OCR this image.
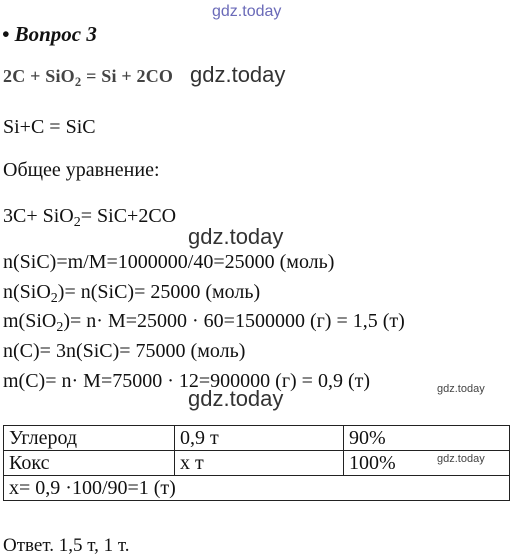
gdz.today
• Вопрос 3
2C + SiO$_2$ = Si + 2CO gdz.today
Si+C = SiC
Общее уравнение:
3C+ SiO$_2$= SiC+2CO
gdz.today
n(SiC)=m/M=1000000/40=25000 (моль)
n(SiO$_2$)= n(SiC)= 25000 (моль)
m(SiO$_2$)= n· M=25000 · 60=1500000 (г) = 1,5 (т)
n(C)= 3n(SiC)= 75000 (моль)
m(C)= n· M=75000 · 12=900000 (г) = 0,9 (т)	gdz.today
gdz.today
Углерод	0,9 т	90%
Кокс	х т	100%
х= 0,9 ·100/90=1 (т)		
gdz.today
Ответ. 1,5 т, 1 т.
